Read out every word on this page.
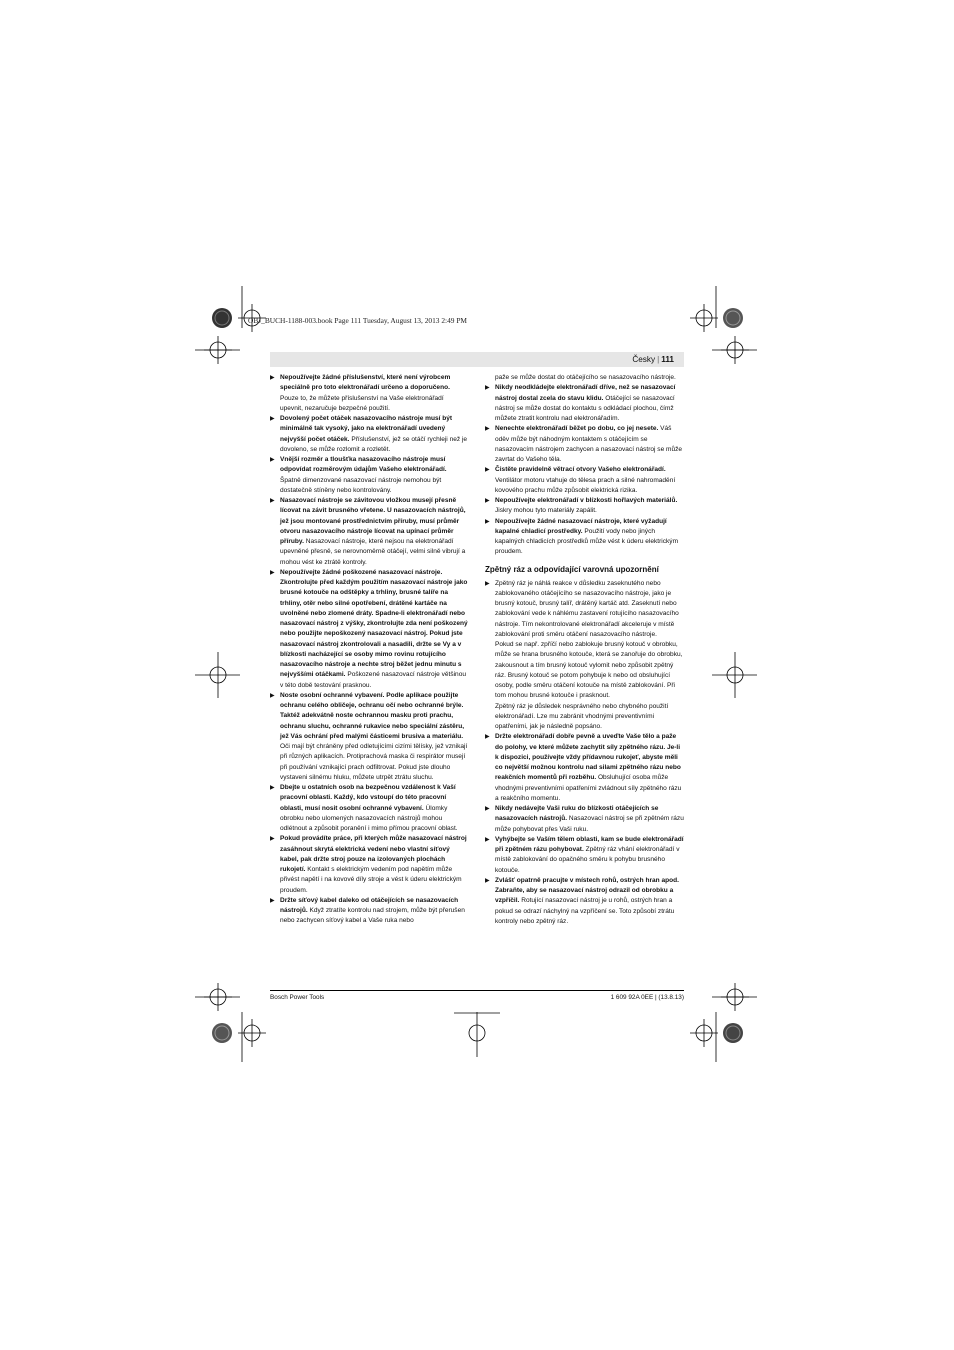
OBJ_BUCH-1188-003.book Page 111 Tuesday, August 13, 2013 2:49 PM
Česky | 111

▶ Nepoužívejte žádné příslušenství, které není výrobcem speciálně pro toto elektronářadí určeno a doporučeno. Pouze to, že můžete příslušenství na Vaše elektronářadí upevnit, nezaručuje bezpečné použití.

▶ Dovolený počet otáček nasazovacího nástroje musí být minimálně tak vysoký, jako na elektronářadí uvedený nejvyšší počet otáček. Příslušenství, jež se otáčí rychleji než je dovoleno, se může rozlomit a rozletět.

▶ Vnější rozměr a tloušťka nasazovacího nástroje musí odpovídat rozměrovým údajům Vašeho elektronářadí. Špatně dimenzované nasazovací nástroje nemohou být dostatečně stíněny nebo kontrolovány.

▶ Nasazovací nástroje se závitovou vložkou musejí přesně lícovat na závit brusného vřetene. U nasazovacích nástrojů, jež jsou montované prostřednictvím příruby, musí průměr otvoru nasazovacího nástroje lícovat na upínací průměr příruby. Nasazovací nástroje, které nejsou na elektronářadí upevněné přesně, se nerovnoměrně otáčejí, velmi silně vibrují a mohou vést ke ztrátě kontroly.

▶ Nepoužívejte žádné poškozené nasazovací nástroje. Zkontrolujte před každým použitím nasazovací nástroje jako brusné kotouče na odštěpky a trhliny, brusné talíře na trhliny, otěr nebo silné opotřebení, drátěné kartáče na uvolněné nebo zlomené dráty. Spadne-li elektronářadí nebo nasazovací nástroj z výšky, zkontrolujte zda není poškozený nebo použijte nepoškozený nasazovací nástroj. Pokud jste nasazovací nástroj zkontrolovali a nasadili, držte se Vy a v blízkosti nacházející se osoby mimo rovinu rotujícího nasazovacího nástroje a nechte stroj běžet jednu minutu s nejvyššími otáčkami. Poškozené nasazovací nástroje většinou v této době testování prasknou.

▶ Noste osobní ochranné vybavení. Podle aplikace použijte ochranu celého obličeje, ochranu očí nebo ochranné brýle. Taktéž adekvátně noste ochrannou masku proti prachu, ochranu sluchu, ochranné rukavice nebo speciální zástěru, jež Vás ochrání před malými částicemi brusiva a materiálu. Oči mají být chráněny před odletujícími cizími tělísky, jež vznikají při různých aplikacích. Protiprachová maska či respirátor musejí při používání vznikající prach odfiltrovat. Pokud jste dlouho vystaveni silnému hluku, můžete utrpět ztrátu sluchu.

▶ Dbejte u ostatních osob na bezpečnou vzdálenost k Vaší pracovní oblasti. Každý, kdo vstoupí do této pracovní oblasti, musí nosit osobní ochranné vybavení. Úlomky obrobku nebo ulomených nasazovacích nástrojů mohou odlétnout a způsobit poranění i mimo přímou pracovní oblast.

▶ Pokud provádíte práce, při kterých může nasazovací nástroj zasáhnout skrytá elektrická vedení nebo vlastní síťový kabel, pak držte stroj pouze na izolovaných plochách rukojetí. Kontakt s elektrickým vedením pod napětím může přivést napětí i na kovové díly stroje a vést k úderu elektrickým proudem.

▶ Držte síťový kabel daleko od otáčejících se nasazovacích nástrojů. Když ztratíte kontrolu nad strojem, může být přerušen nebo zachycen síťový kabel a Vaše ruka nebo

paže se může dostat do otáčejícího se nasazovacího nástroje.

▶ Nikdy neodkládejte elektronářadí dříve, než se nasazovací nástroj dostal zcela do stavu klidu. Otáčející se nasazovací nástroj se může dostat do kontaktu s odkládací plochou, čímž můžete ztratit kontrolu nad elektronářadím.

▶ Nenechte elektronářadí běžet po dobu, co jej nesete. Váš oděv může být náhodným kontaktem s otáčejícím se nasazovacím nástrojem zachycen a nasazovací nástroj se může zavrtat do Vašeho těla.

▶ Čistěte pravidelně větrací otvory Vašeho elektronářadí. Ventilátor motoru vtahuje do tělesa prach a silné nahromadění kovového prachu může způsobit elektrická rizika.

▶ Nepoužívejte elektronářadí v blízkosti hořlavých materiálů. Jiskry mohou tyto materiály zapálit.

▶ Nepoužívejte žádné nasazovací nástroje, které vyžadují kapalné chladicí prostředky. Použití vody nebo jiných kapalných chladicích prostředků může vést k úderu elektrickým proudem.

Zpětný ráz a odpovídající varovná upozornění

▶ Zpětný ráz je náhlá reakce v důsledku zaseknutého nebo zablokovaného otáčejícího se nasazovacího nástroje, jako je brusný kotouč, brusný talíř, drátěný kartáč atd. Zaseknutí nebo zablokování vede k náhlému zastavení rotujícího nasazovacího nástroje. Tím nekontrolované elektronářadí akceleruje v místě zablokování proti směru otáčení nasazovacího nástroje.

Pokud se např. zpříčí nebo zablokuje brusný kotouč v obrobku, může se hrana brusného kotouče, která se zanořuje do obrobku, zakousnout a tím brusný kotouč vylomit nebo způsobit zpětný ráz. Brusný kotouč se potom pohybuje k nebo od obsluhující osoby, podle směru otáčení kotouče na místě zablokování. Při tom mohou brusné kotouče i prasknout.

Zpětný ráz je důsledek nesprávného nebo chybného použití elektronářadí. Lze mu zabránit vhodnými preventivními opatřeními, jak je následně popsáno.

▶ Držte elektronářadí dobře pevně a uveďte Vaše tělo a paže do polohy, ve které můžete zachytit síly zpětného rázu. Je-li k dispozici, používejte vždy přídavnou rukojeť, abyste měli co největší možnou kontrolu nad silami zpětného rázu nebo reakčních momentů při rozběhu. Obsluhující osoba může vhodnými preventivními opatřeními zvládnout síly zpětného rázu a reakčního momentu.

▶ Nikdy nedávejte Vaši ruku do blízkosti otáčejících se nasazovacích nástrojů. Nasazovací nástroj se při zpětném rázu může pohybovat přes Vaši ruku.

▶ Vyhýbejte se Vaším tělem oblasti, kam se bude elektronářadí při zpětném rázu pohybovat. Zpětný ráz vhání elektronářadí v místě zablokování do opačného směru k pohybu brusného kotouče.

▶ Zvlášť opatrně pracujte v místech rohů, ostrých hran apod. Zabraňte, aby se nasazovací nástroj odrazil od obrobku a vzpříčil. Rotující nasazovací nástroj je u rohů, ostrých hran a pokud se odrazí náchylný na vzpříčení se. Toto způsobí ztrátu kontroly nebo zpětný ráz.

Bosch Power Tools	1 609 92A 0EE | (13.8.13)
